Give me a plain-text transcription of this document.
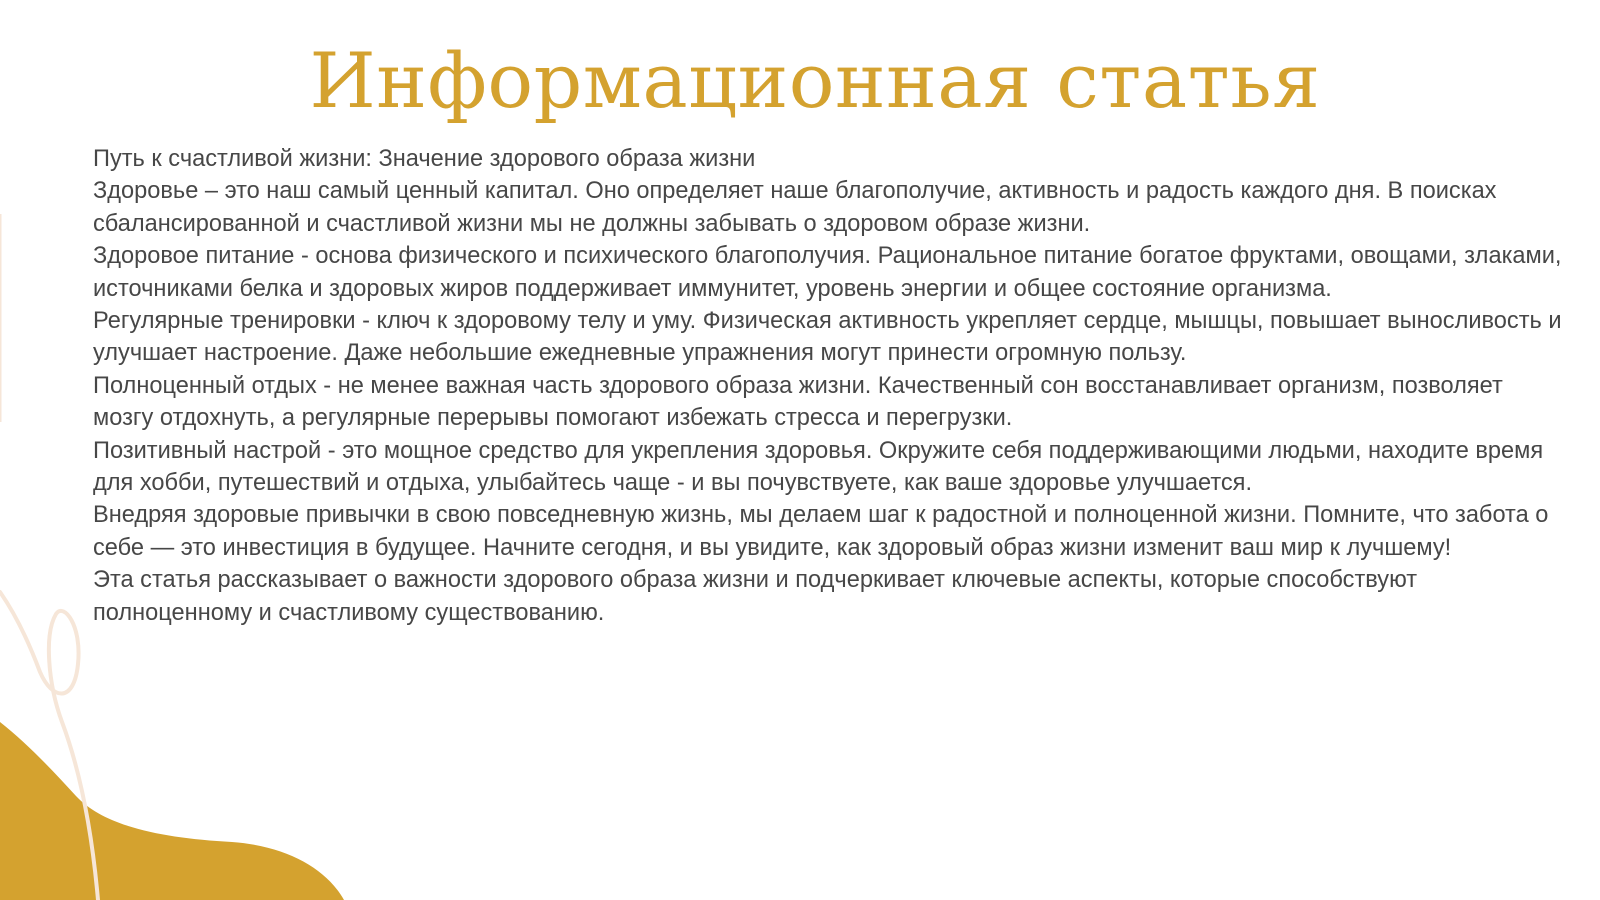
Информационная статья

Путь к счастливой жизни: Значение здорового образа жизни

Здоровье – это наш самый ценный капитал. Оно определяет наше благополучие, активность и радость каждого дня. В поисках сбалансированной и счастливой жизни мы не должны забывать о здоровом образе жизни.

Здоровое питание - основа физического и психического благополучия. Рациональное питание богатое фруктами, овощами, злаками, источниками белка и здоровых жиров поддерживает иммунитет, уровень энергии и общее состояние организма.

Регулярные тренировки - ключ к здоровому телу и уму. Физическая активность укрепляет сердце, мышцы, повышает выносливость и улучшает настроение. Даже небольшие ежедневные упражнения могут принести огромную пользу.

Полноценный отдых - не менее важная часть здорового образа жизни. Качественный сон восстанавливает организм, позволяет мозгу отдохнуть, а регулярные перерывы помогают избежать стресса и перегрузки.

Позитивный настрой - это мощное средство для укрепления здоровья. Окружите себя поддерживающими людьми, находите время для хобби, путешествий и отдыха, улыбайтесь чаще - и вы почувствуете, как ваше здоровье улучшается.

Внедряя здоровые привычки в свою повседневную жизнь, мы делаем шаг к радостной и полноценной жизни. Помните, что забота о себе — это инвестиция в будущее. Начните сегодня, и вы увидите, как здоровый образ жизни изменит ваш мир к лучшему!

Эта статья рассказывает о важности здорового образа жизни и подчеркивает ключевые аспекты, которые способствуют полноценному и счастливому существованию.
